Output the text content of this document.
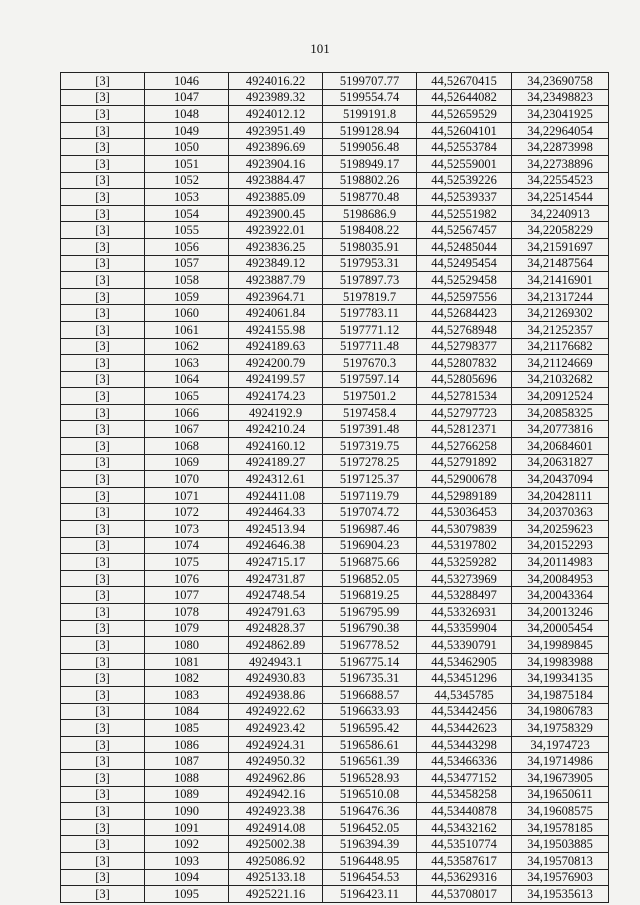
101
[3]	1046	4924016.22	5199707.77	44,52670415	34,23690758
[3]	1047	4923989.32	5199554.74	44,52644082	34,23498823
[3]	1048	4924012.12	5199191.8	44,52659529	34,23041925
[3]	1049	4923951.49	5199128.94	44,52604101	34,22964054
[3]	1050	4923896.69	5199056.48	44,52553784	34,22873998
[3]	1051	4923904.16	5198949.17	44,52559001	34,22738896
[3]	1052	4923884.47	5198802.26	44,52539226	34,22554523
[3]	1053	4923885.09	5198770.48	44,52539337	34,22514544
[3]	1054	4923900.45	5198686.9	44,52551982	34,2240913
[3]	1055	4923922.01	5198408.22	44,52567457	34,22058229
[3]	1056	4923836.25	5198035.91	44,52485044	34,21591697
[3]	1057	4923849.12	5197953.31	44,52495454	34,21487564
[3]	1058	4923887.79	5197897.73	44,52529458	34,21416901
[3]	1059	4923964.71	5197819.7	44,52597556	34,21317244
[3]	1060	4924061.84	5197783.11	44,52684423	34,21269302
[3]	1061	4924155.98	5197771.12	44,52768948	34,21252357
[3]	1062	4924189.63	5197711.48	44,52798377	34,21176682
[3]	1063	4924200.79	5197670.3	44,52807832	34,21124669
[3]	1064	4924199.57	5197597.14	44,52805696	34,21032682
[3]	1065	4924174.23	5197501.2	44,52781534	34,20912524
[3]	1066	4924192.9	5197458.4	44,52797723	34,20858325
[3]	1067	4924210.24	5197391.48	44,52812371	34,20773816
[3]	1068	4924160.12	5197319.75	44,52766258	34,20684601
[3]	1069	4924189.27	5197278.25	44,52791892	34,20631827
[3]	1070	4924312.61	5197125.37	44,52900678	34,20437094
[3]	1071	4924411.08	5197119.79	44,52989189	34,20428111
[3]	1072	4924464.33	5197074.72	44,53036453	34,20370363
[3]	1073	4924513.94	5196987.46	44,53079839	34,20259623
[3]	1074	4924646.38	5196904.23	44,53197802	34,20152293
[3]	1075	4924715.17	5196875.66	44,53259282	34,20114983
[3]	1076	4924731.87	5196852.05	44,53273969	34,20084953
[3]	1077	4924748.54	5196819.25	44,53288497	34,20043364
[3]	1078	4924791.63	5196795.99	44,53326931	34,20013246
[3]	1079	4924828.37	5196790.38	44,53359904	34,20005454
[3]	1080	4924862.89	5196778.52	44,53390791	34,19989845
[3]	1081	4924943.1	5196775.14	44,53462905	34,19983988
[3]	1082	4924930.83	5196735.31	44,53451296	34,19934135
[3]	1083	4924938.86	5196688.57	44,5345785	34,19875184
[3]	1084	4924922.62	5196633.93	44,53442456	34,19806783
[3]	1085	4924923.42	5196595.42	44,53442623	34,19758329
[3]	1086	4924924.31	5196586.61	44,53443298	34,1974723
[3]	1087	4924950.32	5196561.39	44,53466336	34,19714986
[3]	1088	4924962.86	5196528.93	44,53477152	34,19673905
[3]	1089	4924942.16	5196510.08	44,53458258	34,19650611
[3]	1090	4924923.38	5196476.36	44,53440878	34,19608575
[3]	1091	4924914.08	5196452.05	44,53432162	34,19578185
[3]	1092	4925002.38	5196394.39	44,53510774	34,19503885
[3]	1093	4925086.92	5196448.95	44,53587617	34,19570813
[3]	1094	4925133.18	5196454.53	44,53629316	34,19576903
[3]	1095	4925221.16	5196423.11	44,53708017	34,19535613
